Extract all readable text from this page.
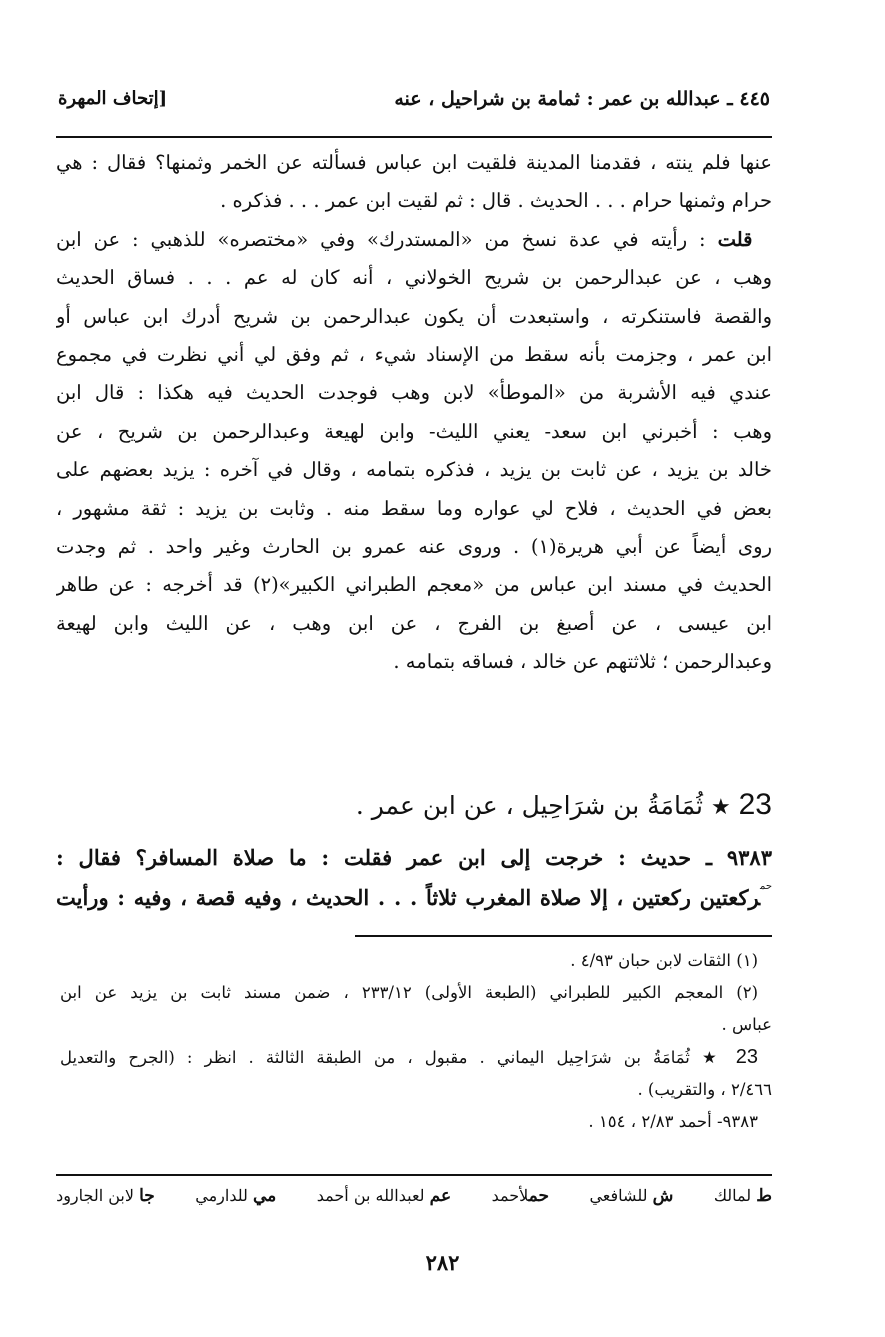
٤٤٥ ـ عبدالله بن عمر : ثمامة بن شراحيل ، عنه
[إتحاف المهرة
عنها فلم ينته ، فقدمنا المدينة فلقيت ابن عباس فسألته عن الخمر وثمنها؟ فقال : هي
حرام وثمنها حرام . . . الحديث . قال : ثم لقيت ابن عمر . . . فذكره .
 قلت : رأيته في عدة نسخ من «المستدرك» وفي «مختصره» للذهبي : عن ابن
وهب ، عن عبدالرحمن بن شريح الخولاني ، أنه كان له عم . . . فساق الحديث
والقصة فاستنكرته ، واستبعدت أن يكون عبدالرحمن بن شريح أدرك ابن عباس أو
ابن عمر ، وجزمت بأنه سقط من الإسناد شيء ، ثم وفق لي أني نظرت في مجموع
عندي فيه الأشربة من «الموطأ» لابن وهب فوجدت الحديث فيه هكذا : قال ابن
وهب : أخبرني ابن سعد- يعني الليث- وابن لهيعة وعبدالرحمن بن شريح ، عن
خالد بن يزيد ، عن ثابت بن يزيد ، فذكره بتمامه ، وقال في آخره : يزيد بعضهم على
بعض في الحديث ، فلاح لي عواره وما سقط منه . وثابت بن يزيد : ثقة مشهور ،
روى أيضاً عن أبي هريرة(١) . وروى عنه عمرو بن الحارث وغير واحد . ثم وجدت
الحديث في مسند ابن عباس من «معجم الطبراني الكبير»(٢) قد أخرجه : عن طاهر
ابن عيسى ، عن أصبغ بن الفرج ، عن ابن وهب ، عن الليث وابن لهيعة
وعبدالرحمن ؛ ثلاثتهم عن خالد ، فساقه بتمامه .
23 ★ ثُمَامَةُ بن شرَاحِيل ، عن ابن عمر .
٩٣٨٣ ـ حديث : خرجت إلى ابن عمر فقلت : ما صلاة المسافر؟ فقال :
$^{حم}$ركعتين ركعتين ، إلا صلاة المغرب ثلاثاً . . . الحديث ، وفيه قصة ، وفيه : ورأيت
(١) الثقات لابن حبان ٤/٩٣ .
(٢) المعجم الكبير للطبراني (الطبعة الأولى) ٢٣٣/١٢ ، ضمن مسند ثابت بن يزيد عن ابن
عباس .
23 ★ ثُمَامَةُ بن شرَاحِيل اليماني . مقبول ، من الطبقة الثالثة . انظر : (الجرح والتعديل
٢/٤٦٦ ، والتقريب) .
٩٣٨٣- أحمد ٢/٨٣ ، ١٥٤ .
ط لمالك
ش للشافعي
حملأحمد
عم لعبدالله بن أحمد
مي للدارمي
جا لابن الجارود
٢٨٢
